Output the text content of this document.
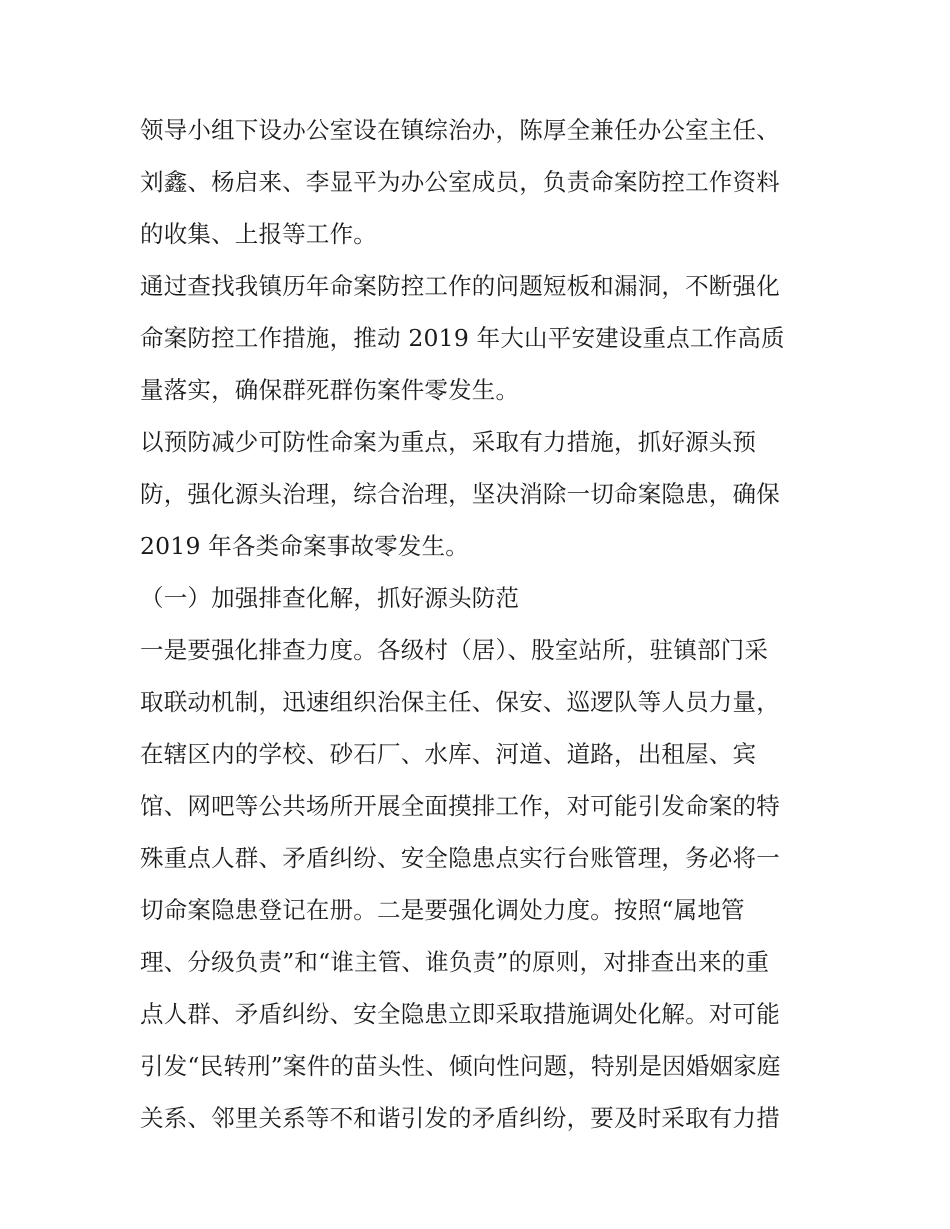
领导小组下设办公室设在镇综治办，陈厚全兼任办公室主任、
刘鑫、杨启来、李显平为办公室成员，负责命案防控工作资料
的收集、上报等工作。
通过查找我镇历年命案防控工作的问题短板和漏洞，不断强化
命案防控工作措施，推动 2019 年大山平安建设重点工作高质
量落实，确保群死群伤案件零发生。
以预防减少可防性命案为重点，采取有力措施，抓好源头预
防，强化源头治理，综合治理，坚决消除一切命案隐患，确保
2019 年各类命案事故零发生。
（一）加强排查化解，抓好源头防范
一是要强化排查力度。各级村（居）、股室站所，驻镇部门采
取联动机制，迅速组织治保主任、保安、巡逻队等人员力量，
在辖区内的学校、砂石厂、水库、河道、道路，出租屋、宾
馆、网吧等公共场所开展全面摸排工作，对可能引发命案的特
殊重点人群、矛盾纠纷、安全隐患点实行台账管理，务必将一
切命案隐患登记在册。二是要强化调处力度。按照“属地管
理、分级负责”和“谁主管、谁负责”的原则，对排查出来的重
点人群、矛盾纠纷、安全隐患立即采取措施调处化解。对可能
引发“民转刑”案件的苗头性、倾向性问题，特别是因婚姻家庭
关系、邻里关系等不和谐引发的矛盾纠纷，要及时采取有力措
